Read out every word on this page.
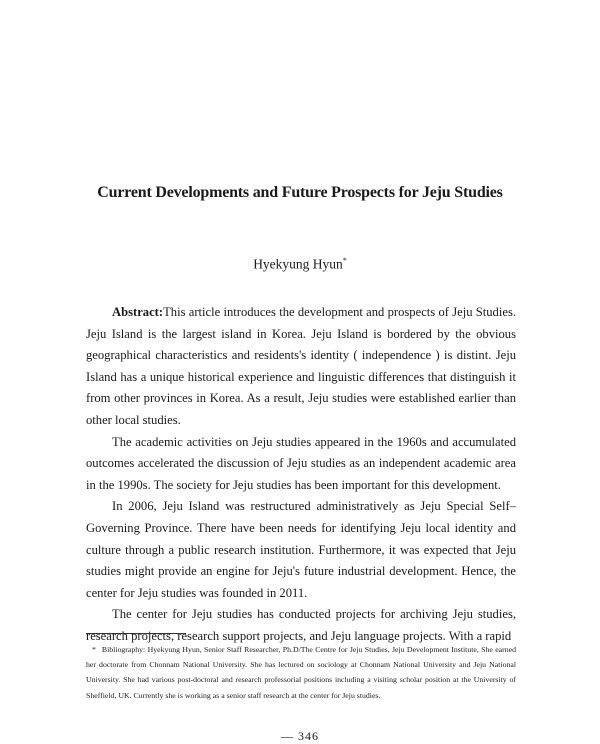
Current Developments and Future Prospects for Jeju Studies
Hyekyung Hyun*

Abstract:This article introduces the development and prospects of Jeju Studies. Jeju Island is the largest island in Korea. Jeju Island is bordered by the obvious geographical characteristics and residents's identity ( independence ) is distint. Jeju Island has a unique historical experience and linguistic differences that distinguish it from other provinces in Korea. As a result, Jeju studies were established earlier than other local studies.

The academic activities on Jeju studies appeared in the 1960s and accumulated outcomes accelerated the discussion of Jeju studies as an independent academic area in the 1990s. The society for Jeju studies has been important for this development.

In 2006, Jeju Island was restructured administratively as Jeju Special Self–Governing Province. There have been needs for identifying Jeju local identity and culture through a public research institution. Furthermore, it was expected that Jeju studies might provide an engine for Jeju's future industrial development. Hence, the center for Jeju studies was founded in 2011.

The center for Jeju studies has conducted projects for archiving Jeju studies, research projects, research support projects, and Jeju language projects. With a rapid

* Bibliography: Hyekyung Hyun, Senior Staff Researcher, Ph.D/The Centre for Jeju Studies, Jeju Development Institute, She earned her doctorate from Chonnam National University. She has lectured on sociology at Chonnam National University and Jeju National University. She had various post-doctoral and research professorial positions including a visiting scholar position at the University of Sheffield, UK. Currently she is working as a senior staff research at the center for Jeju studies.
— 346
